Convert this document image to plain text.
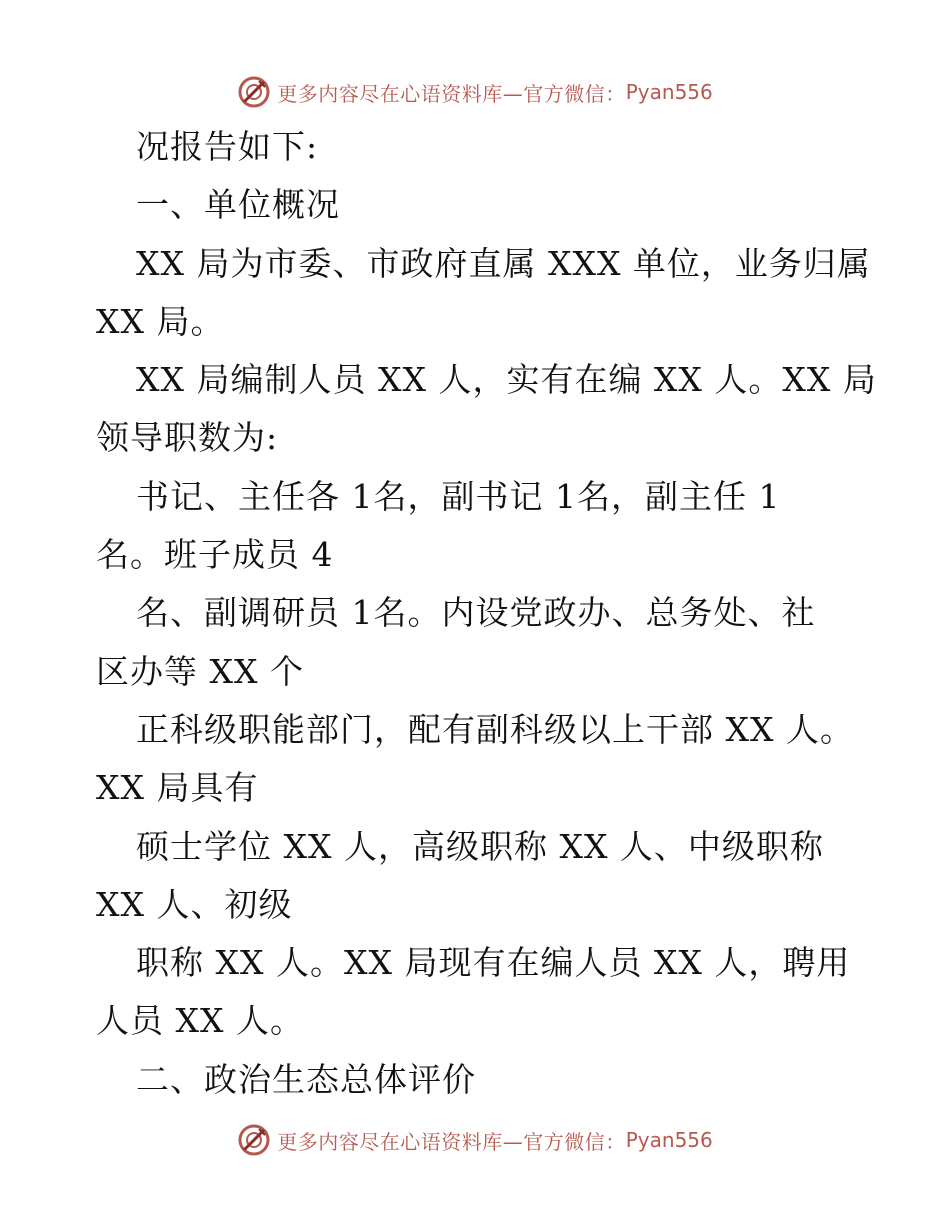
更多内容尽在心语资料库—官方微信： Pyan556
况报告如下:
一、单位概况
XX 局为市委、市政府直属 XXX 单位，业务归属
XX 局。
XX 局编制人员 XX 人，实有在编 XX 人。XX 局
领导职数为:
书记、主任各 1名，副书记 1名，副主任 1
名。班子成员 4
名、副调研员 1名。内设党政办、总务处、社
区办等 XX 个
正科级职能部门，配有副科级以上干部 XX 人。
XX 局具有
硕士学位 XX 人，高级职称 XX 人、中级职称
XX 人、初级
职称 XX 人。XX 局现有在编人员 XX 人，聘用
人员 XX 人。
二、政治生态总体评价
更多内容尽在心语资料库—官方微信： Pyan556
